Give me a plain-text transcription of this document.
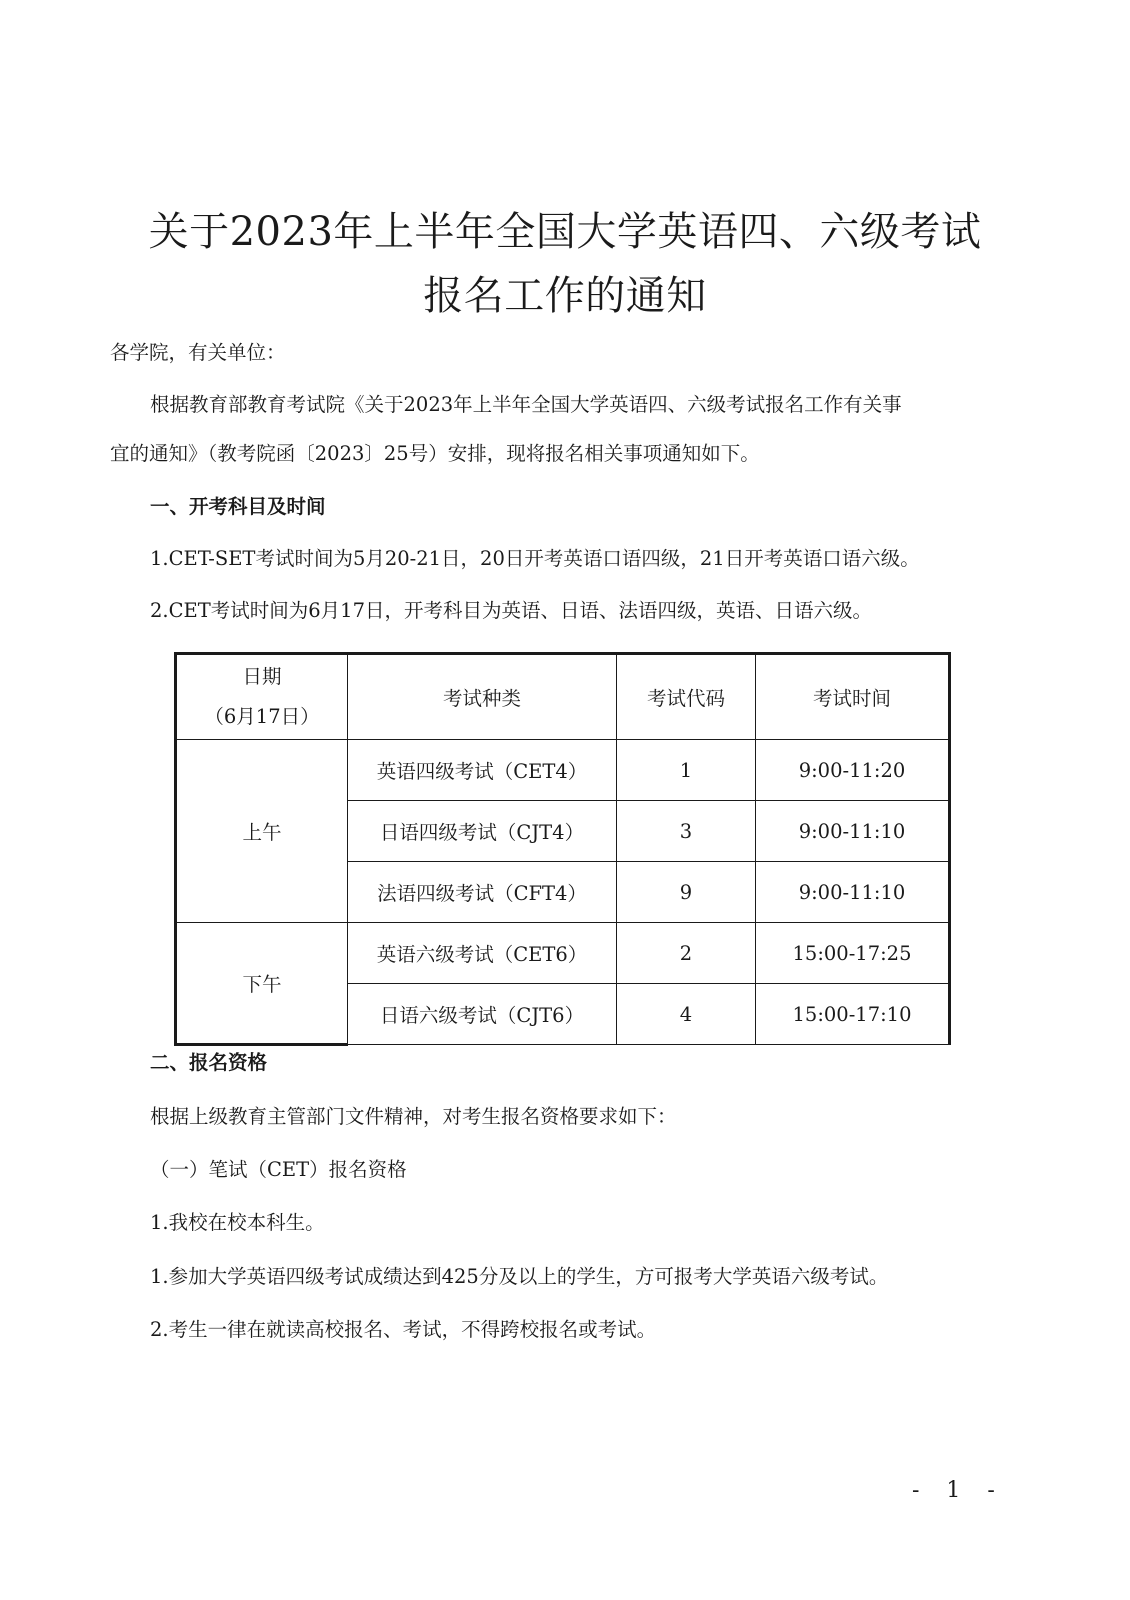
关于2023年上半年全国大学英语四、六级考试
报名工作的通知
各学院，有关单位：
根据教育部教育考试院《关于2023年上半年全国大学英语四、六级考试报名工作有关事
宜的通知》（教考院函〔2023〕25号）安排，现将报名相关事项通知如下。
一、开考科目及时间
1.CET-SET考试时间为5月20-21日，20日开考英语口语四级，21日开考英语口语六级。
2.CET考试时间为6月17日，开考科目为英语、日语、法语四级，英语、日语六级。
日期
（6月17日）	考试种类	考试代码	考试时间
上午	英语四级考试（CET4）	1	9:00-11:20
	日语四级考试（CJT4）	3	9:00-11:10
	法语四级考试（CFT4）	9	9:00-11:10
下午	英语六级考试（CET6）	2	15:00-17:25
	日语六级考试（CJT6）	4	15:00-17:10
二、报名资格
根据上级教育主管部门文件精神，对考生报名资格要求如下：
（一）笔试（CET）报名资格
1.我校在校本科生。
1.参加大学英语四级考试成绩达到425分及以上的学生，方可报考大学英语六级考试。
2.考生一律在就读高校报名、考试，不得跨校报名或考试。
- 1 -
